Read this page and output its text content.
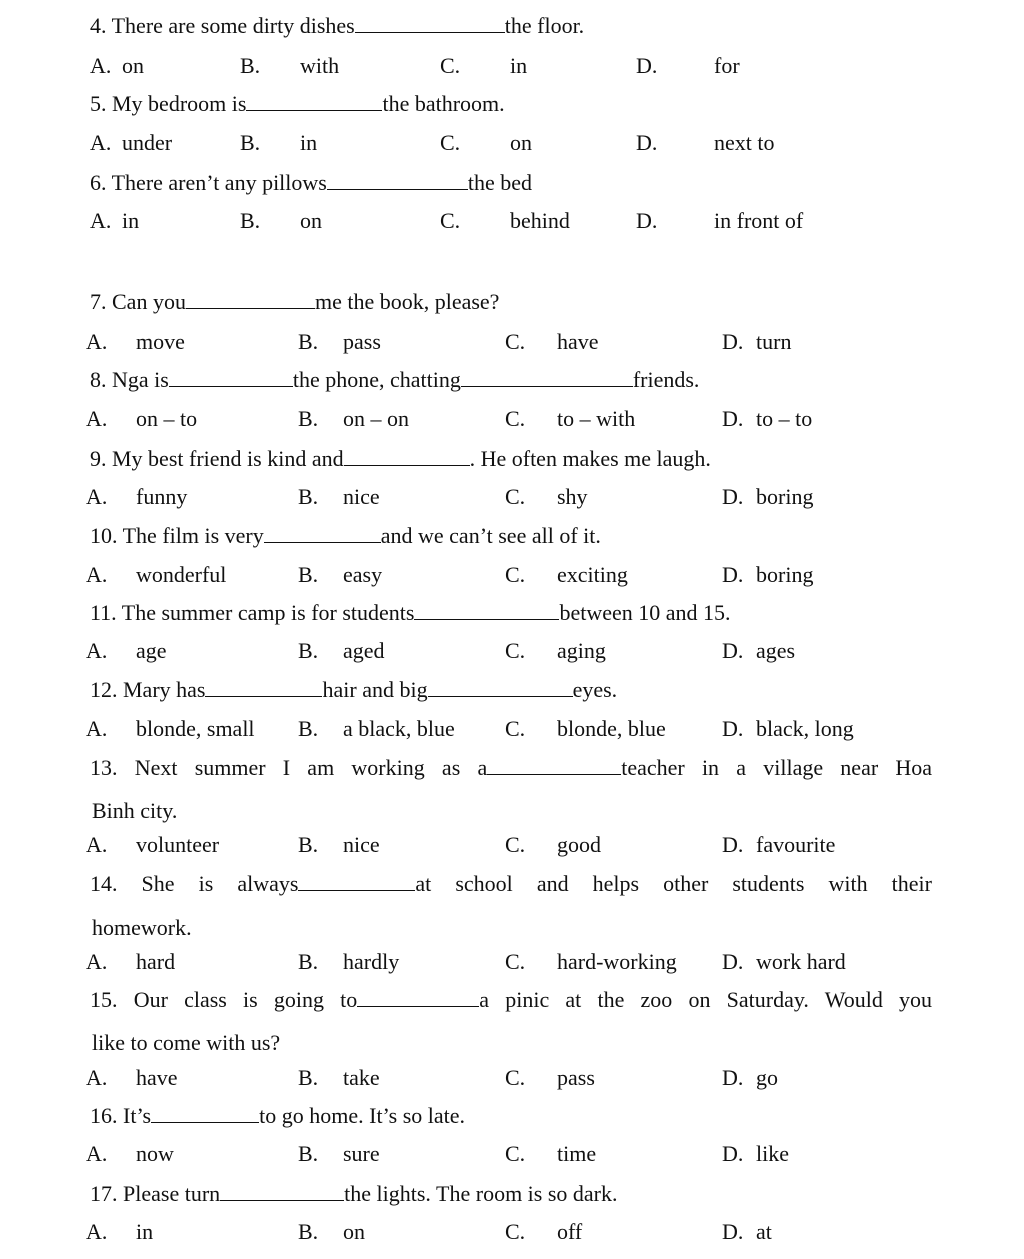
4. There are some dirty dishes	the floor.
A. on	B. with	C. in	D.	for
5. My bedroom is	the bathroom.
A. under	B. in	C. on	D.	next to
6. There aren’t any pillows	the bed
A. in	B. on	C. behind	D.	in front of
7. Can you	me the book, please?
A. move	B. pass	C. have	D. turn
8. Nga is	the phone, chatting	friends.
A. on – to	B. on – on	C. to – with	D. to – to
9. My best friend is kind and	. He often makes me laugh.
A. funny	B. nice	C. shy	D. boring
10. The film is very	and we can’t see all of it.
A. wonderful	B. easy	C. exciting	D. boring
11. The summer camp is for students	between 10 and 15.
A. age	B. aged	C. aging	D. ages
12. Mary has	hair and big	eyes.
A. blonde, small B. a black, blue C. blonde, blue	D. black, long
13. Next summer I am working as a	teacher in a village near Hoa
Binh city.
A. volunteer	B. nice	C. good	D. favourite
14. She is always	at school and helps other students with their
homework.
A. hard	B. hardly	C. hard-working D. work hard
15. Our class is going to	a pinic at the zoo on Saturday. Would you
like to come with us?
A. have	B. take	C. pass	D. go
16. It’s	to go home. It’s so late.
A. now	B. sure	C. time	D. like
17. Please turn	the lights. The room is so dark.
A. in	B. on	C. off	D. at
